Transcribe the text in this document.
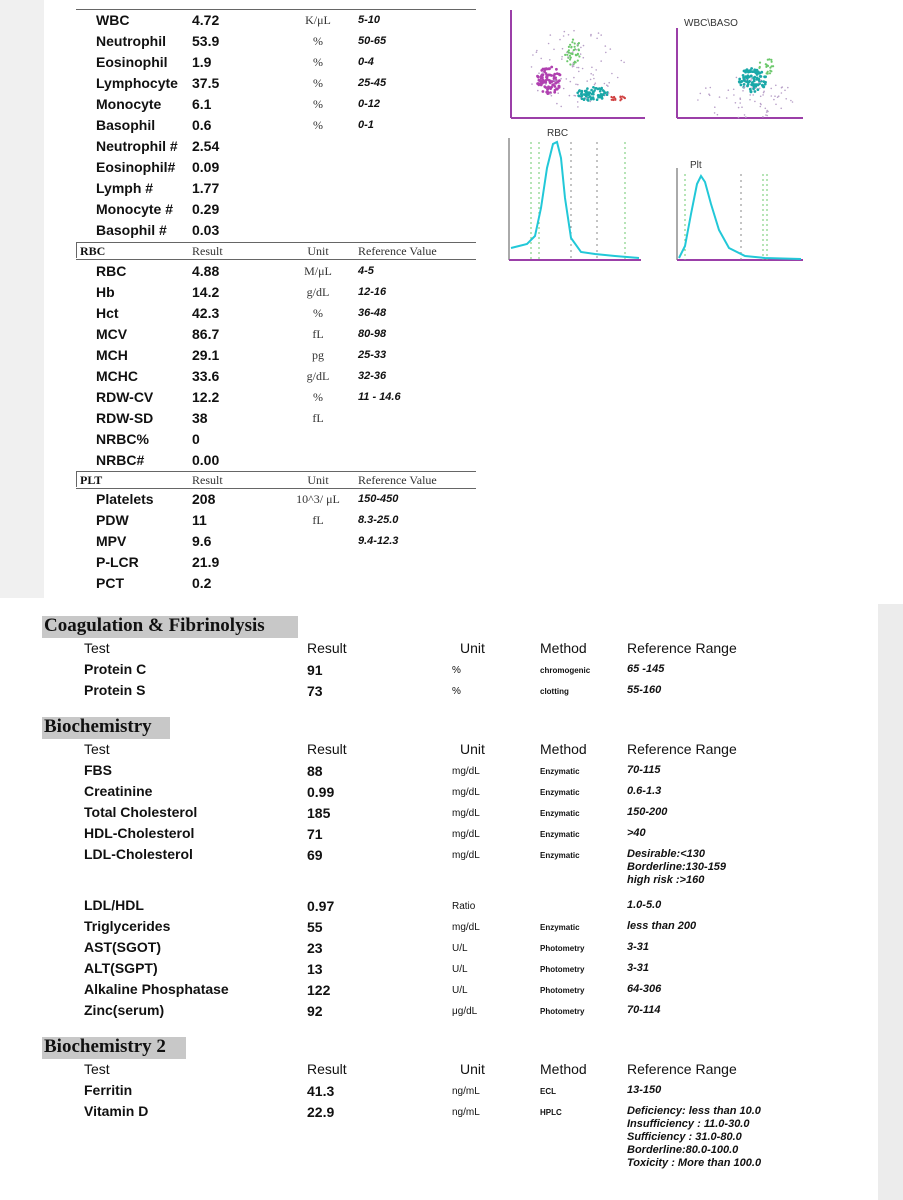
WBC	4.72	K/μL 5-10
Neutrophil 53.9	%	50-65
Eosinophil 1.9	%	0-4
Lymphocyte 37.5	%	25-45
Monocyte 6.1	%	0-12
Basophil	0.6	%	0-1
Neutrophil # 2.54
Eosinophil# 0.09
Lymph #	1.77
Monocyte # 0.29
Basophil # 0.03
RBC	Result	Unit Reference Value
RBC	4.88	M/μL 4-5
Hb	14.2	g/dL	12-16
Hct	42.3	%	36-48
MCV	86.7	fL	80-98
MCH	29.1	pg	25-33
MCHC	33.6	g/dL	32-36
RDW-CV	12.2	%	11 - 14.6
RDW-SD	38	fL
NRBC%	0
NRBC#	0.00
PLT	Result	Unit Reference Value
Platelets	208	10^3/ μL 150-450
PDW	11	fL	8.3-25.0
MPV	9.6	9.4-12.3
P-LCR	21.9
PCT	0.2
WBC\BASO
RBC
Plt
Coagulation & Fibrinolysis
Test	Result	Unit	Method	Reference Range
Protein C	91	%	chromogenic	65 -145
Protein S	73	%	clotting	55-160
Biochemistry
Test	Result	Unit	Method	Reference Range
FBS	88	mg/dL	Enzymatic	70-115
Creatinine	0.99	mg/dL	Enzymatic	0.6-1.3
Total Cholesterol	185	mg/dL	Enzymatic	150-200
HDL-Cholesterol	71	mg/dL	Enzymatic	>40
LDL-Cholesterol	69	mg/dL	Enzymatic	Desirable:<130
Borderline:130-159
high risk :>160
LDL/HDL	0.97	Ratio	1.0-5.0
Triglycerides	55	mg/dL	Enzymatic	less than 200
AST(SGOT)	23	U/L	Photometry	3-31
ALT(SGPT)	13	U/L	Photometry	3-31
Alkaline Phosphatase	122	U/L	Photometry	64-306
Zinc(serum)	92	μg/dL	Photometry	70-114
Biochemistry 2
Test	Result	Unit	Method	Reference Range
Ferritin	41.3	ng/mL	ECL	13-150
Vitamin D	22.9	ng/mL	HPLC	Deficiency: less than 10.0
Insufficiency : 11.0-30.0
Sufficiency : 31.0-80.0
Borderline:80.0-100.0
Toxicity : More than 100.0
